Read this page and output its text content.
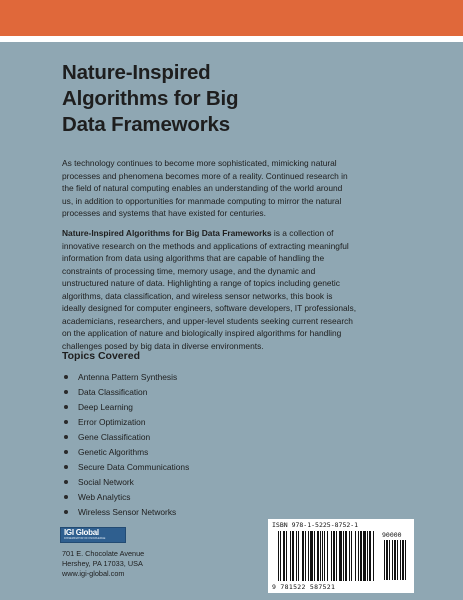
Nature-Inspired
Algorithms for Big
Data Frameworks
As technology continues to become more sophisticated, mimicking natural
processes and phenomena becomes more of a reality. Continued research in
the field of natural computing enables an understanding of the world around
us, in addition to opportunities for manmade computing to mirror the natural
processes and systems that have existed for centuries.
Nature-Inspired Algorithms for Big Data Frameworks is a collection of
innovative research on the methods and applications of extracting meaningful
information from data using algorithms that are capable of handling the
constraints of processing time, memory usage, and the dynamic and
unstructured nature of data. Highlighting a range of topics including genetic
algorithms, data classification, and wireless sensor networks, this book is
ideally designed for computer engineers, software developers, IT professionals,
academicians, researchers, and upper-level students seeking current research
on the application of nature and biologically inspired algorithms for handling
challenges posed by big data in diverse environments.
Topics Covered
Antenna Pattern Synthesis
Data Classification
Deep Learning
Error Optimization
Gene Classification
Genetic Algorithms
Secure Data Communications
Social Network
Web Analytics
Wireless Sensor Networks
IGI Global
DISSEMINATOR OF KNOWLEDGE
701 E. Chocolate Avenue
Hershey, PA 17033, USA
www.igi-global.com
ISBN 978-1-5225-8752-1
90000
9 781522 587521
